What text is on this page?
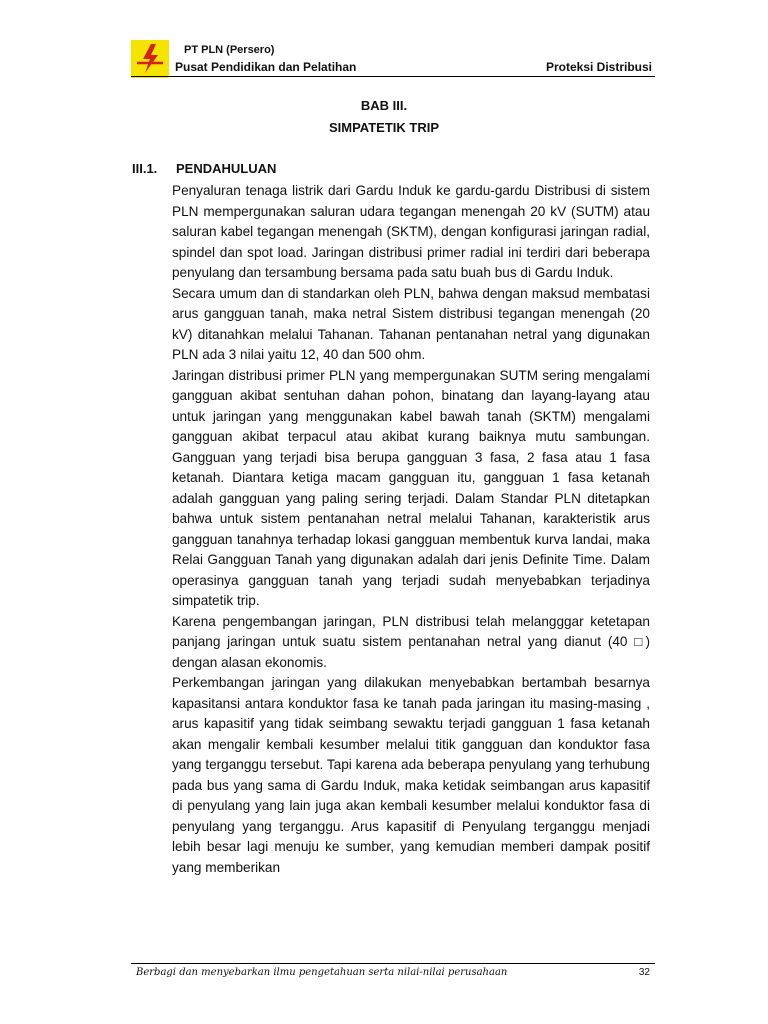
PT PLN (Persero)
Pusat Pendidikan dan Pelatihan	Proteksi Distribusi
BAB III.
SIMPATETIK TRIP
III.1. PENDAHULUAN

Penyaluran tenaga listrik dari Gardu Induk ke gardu-gardu Distribusi di sistem PLN mempergunakan saluran udara tegangan menengah 20 kV (SUTM) atau saluran kabel tegangan menengah (SKTM), dengan konfigurasi jaringan radial, spindel dan spot load. Jaringan distribusi primer radial ini terdiri dari beberapa penyulang dan tersambung bersama pada satu buah bus di Gardu Induk.

Secara umum dan di standarkan oleh PLN, bahwa dengan maksud membatasi arus gangguan tanah, maka netral Sistem distribusi tegangan menengah (20 kV) ditanahkan melalui Tahanan. Tahanan pentanahan netral yang digunakan PLN ada 3 nilai yaitu 12, 40 dan 500 ohm.

Jaringan distribusi primer PLN yang mempergunakan SUTM sering mengalami gangguan akibat sentuhan dahan pohon, binatang dan layang-layang atau untuk jaringan yang menggunakan kabel bawah tanah (SKTM) mengalami gangguan akibat terpacul atau akibat kurang baiknya mutu sambungan. Gangguan yang terjadi bisa berupa gangguan 3 fasa, 2 fasa atau 1 fasa ketanah. Diantara ketiga macam gangguan itu, gangguan 1 fasa ketanah adalah gangguan yang paling sering terjadi. Dalam Standar PLN ditetapkan bahwa untuk sistem pentanahan netral melalui Tahanan, karakteristik arus gangguan tanahnya terhadap lokasi gangguan membentuk kurva landai, maka Relai Gangguan Tanah yang digunakan adalah dari jenis Definite Time. Dalam operasinya gangguan tanah yang terjadi sudah menyebabkan terjadinya simpatetik trip.

Karena pengembangan jaringan, PLN distribusi telah melangggar ketetapan panjang jaringan untuk suatu sistem pentanahan netral yang dianut (40 □) dengan alasan ekonomis.

Perkembangan jaringan yang dilakukan menyebabkan bertambah besarnya kapasitansi antara konduktor fasa ke tanah pada jaringan itu masing-masing , arus kapasitif yang tidak seimbang sewaktu terjadi gangguan 1 fasa ketanah akan mengalir kembali kesumber melalui titik gangguan dan konduktor fasa yang terganggu tersebut. Tapi karena ada beberapa penyulang yang terhubung pada bus yang sama di Gardu Induk, maka ketidak seimbangan arus kapasitif di penyulang yang lain juga akan kembali kesumber melalui konduktor fasa di penyulang yang terganggu. Arus kapasitif di Penyulang terganggu menjadi lebih besar lagi menuju ke sumber, yang kemudian memberi dampak positif yang memberikan

Berbagi dan menyebarkan ilmu pengetahuan serta nilai-nilai perusahaan	32
